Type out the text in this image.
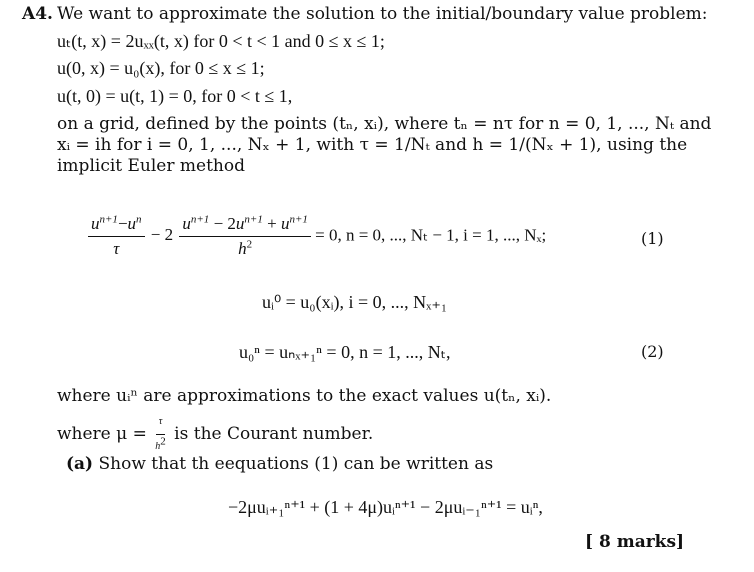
A4. We want to approximate the solution to the initial/boundary value problem:
uₜ(t, x) = 2uₓₓ(t, x) for 0 < t < 1 and 0 ≤ x ≤ 1;
u(0, x) = u₀(x), for 0 ≤ x ≤ 1;
u(t, 0) = u(t, 1) = 0, for 0 < t ≤ 1,
on a grid, defined by the points (tₙ, xᵢ), where tₙ = nτ for n = 0, 1, ..., Nₜ and
xᵢ = ih for i = 0, 1, ..., Nₓ + 1, with τ = 1/Nₜ and h = 1/(Nₓ + 1), using the
implicit Euler method
$\frac{u^{n+1}-u^n}{\tau} - 2 \frac{u^{n+1} - 2u^{n+1} + u^{n+1}}{h^2} = 0$, n = 0, ..., Nₜ − 1, i = 1, ..., Nₓ;	(1)
uᵢ⁰ = u₀(xᵢ), i = 0, ..., Nₓ₊₁
u₀ⁿ = uₙₓ₊₁ⁿ = 0, n = 1, ..., Nₜ,	(2)
where uᵢⁿ are approximations to the exact values u(tₙ, xᵢ).
where $\mu = \frac{\tau}{h^2}$ is the Courant number.
(a) Show that th eequations (1) can be written as
−2μuᵢ₊₁ⁿ⁺¹ + (1 + 4μ)uᵢⁿ⁺¹ − 2μuᵢ₋₁ⁿ⁺¹ = uᵢⁿ,
[ 8 marks]
